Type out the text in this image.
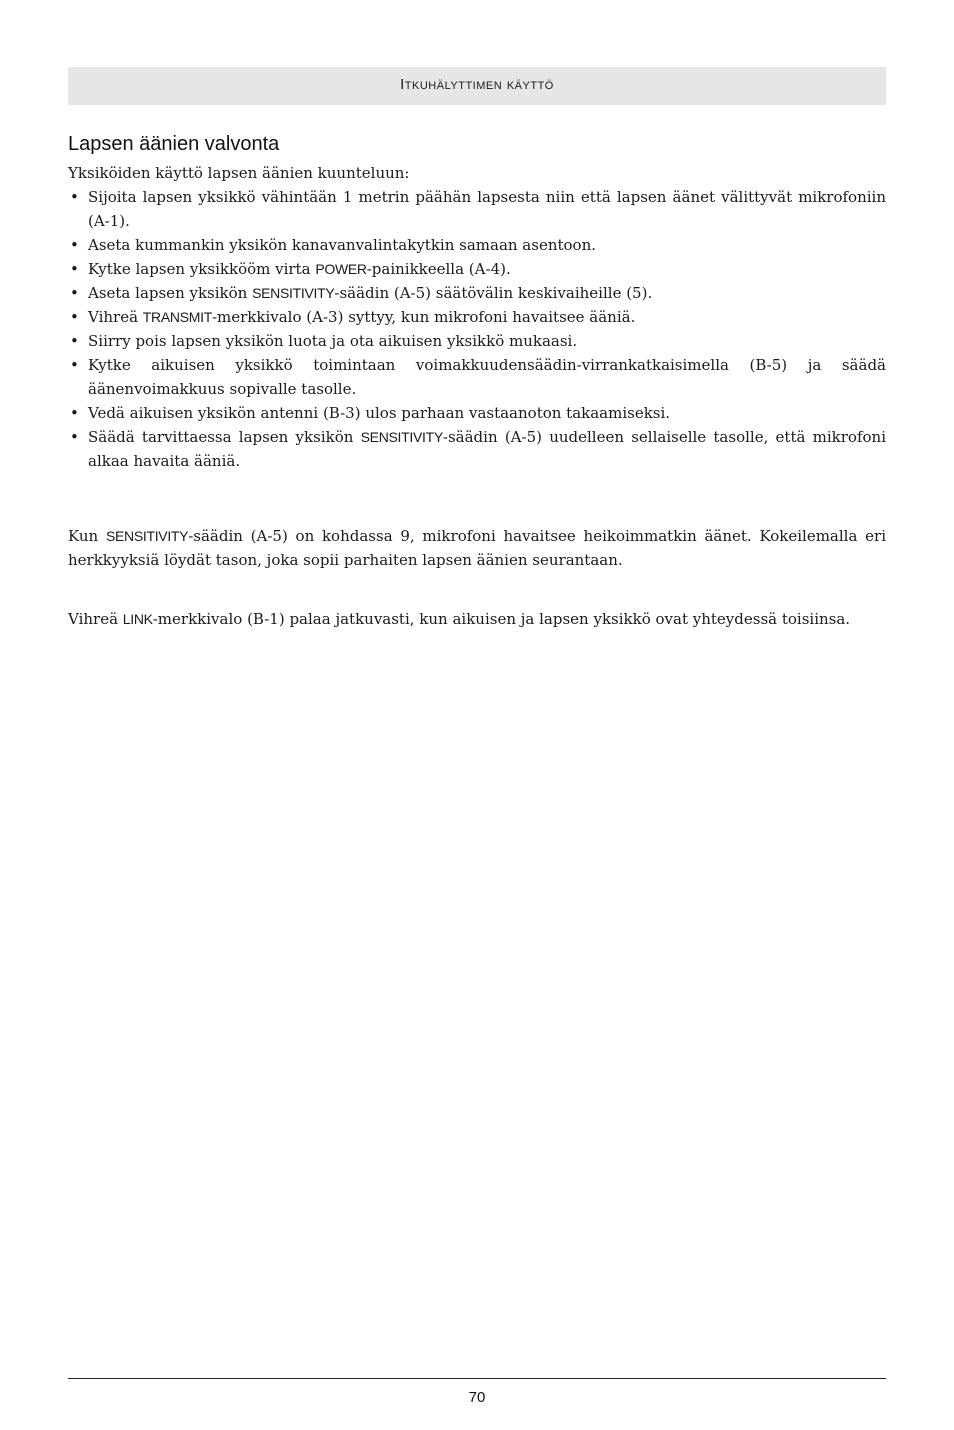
Itkuhälyttimen käyttö
Lapsen äänien valvonta

Yksiköiden käyttö lapsen äänien kuunteluun:

• Sijoita lapsen yksikkö vähintään 1 metrin päähän lapsesta niin että lapsen äänet välittyvät mikrofoniin (A-1).
• Aseta kummankin yksikön kanavanvalintakytkin samaan asentoon.
• Kytke lapsen yksikkööm virta POWER-painikkeella (A-4).
• Aseta lapsen yksikön SENSITIVITY-säädin (A-5) säätövälin keskivaiheille (5).
• Vihreä TRANSMIT-merkkivalo (A-3) syttyy, kun mikrofoni havaitsee ääniä.
• Siirry pois lapsen yksikön luota ja ota aikuisen yksikkö mukaasi.
• Kytke aikuisen yksikkö toimintaan voimakkuudensäädin-virrankatkaisimella (B-5) ja säädä äänenvoimakkuus sopivalle tasolle.
• Vedä aikuisen yksikön antenni (B-3) ulos parhaan vastaanoton takaamiseksi.
• Säädä tarvittaessa lapsen yksikön SENSITIVITY-säädin (A-5) uudelleen sellaiselle tasolle, että mikrofoni alkaa havaita ääniä.

Kun SENSITIVITY-säädin (A-5) on kohdassa 9, mikrofoni havaitsee heikoimmatkin äänet. Kokeilemalla eri herkkyyksiä löydät tason, joka sopii parhaiten lapsen äänien seurantaan.

Vihreä LINK-merkkivalo (B-1) palaa jatkuvasti, kun aikuisen ja lapsen yksikkö ovat yhteydessä toisiinsa.

70
